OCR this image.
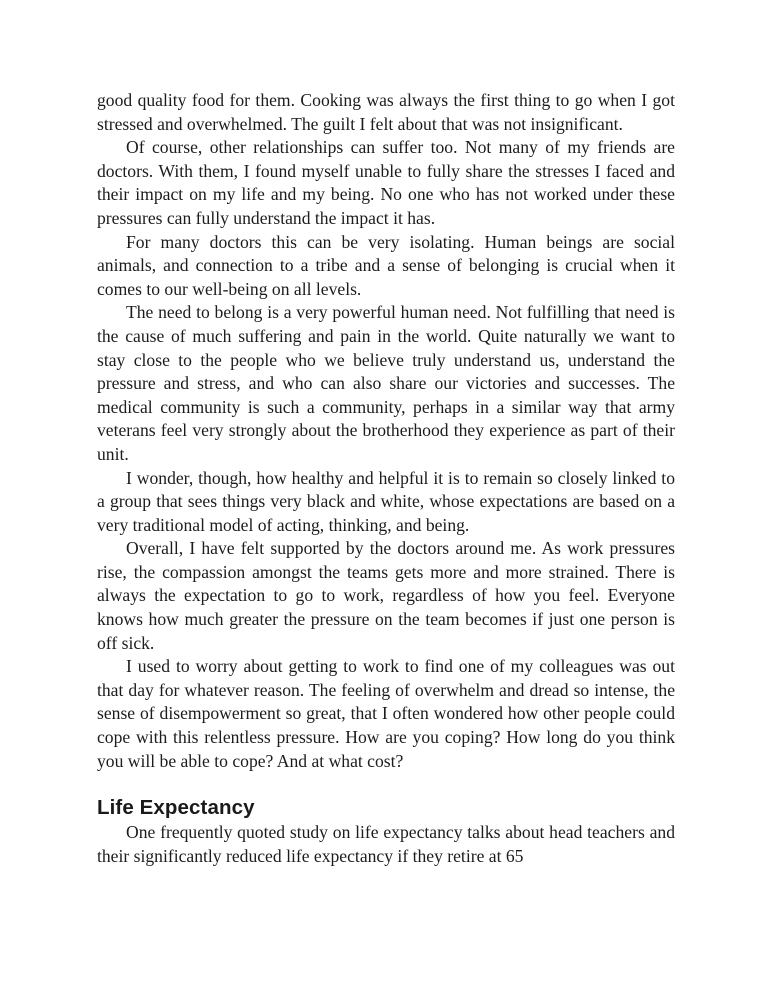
good quality food for them. Cooking was always the first thing to go when I got stressed and overwhelmed. The guilt I felt about that was not insignificant.

Of course, other relationships can suffer too. Not many of my friends are doctors. With them, I found myself unable to fully share the stresses I faced and their impact on my life and my being. No one who has not worked under these pressures can fully understand the impact it has.

For many doctors this can be very isolating. Human beings are social animals, and connection to a tribe and a sense of belonging is crucial when it comes to our well-being on all levels.

The need to belong is a very powerful human need. Not fulfilling that need is the cause of much suffering and pain in the world. Quite naturally we want to stay close to the people who we believe truly understand us, understand the pressure and stress, and who can also share our victories and successes. The medical community is such a community, perhaps in a similar way that army veterans feel very strongly about the brotherhood they experience as part of their unit.

I wonder, though, how healthy and helpful it is to remain so closely linked to a group that sees things very black and white, whose expectations are based on a very traditional model of acting, thinking, and being.

Overall, I have felt supported by the doctors around me. As work pressures rise, the compassion amongst the teams gets more and more strained. There is always the expectation to go to work, regardless of how you feel. Everyone knows how much greater the pressure on the team becomes if just one person is off sick.

I used to worry about getting to work to find one of my colleagues was out that day for whatever reason. The feeling of overwhelm and dread so intense, the sense of disempowerment so great, that I often wondered how other people could cope with this relentless pressure. How are you coping? How long do you think you will be able to cope? And at what cost?

Life Expectancy

One frequently quoted study on life expectancy talks about head teachers and their significantly reduced life expectancy if they retire at 65
